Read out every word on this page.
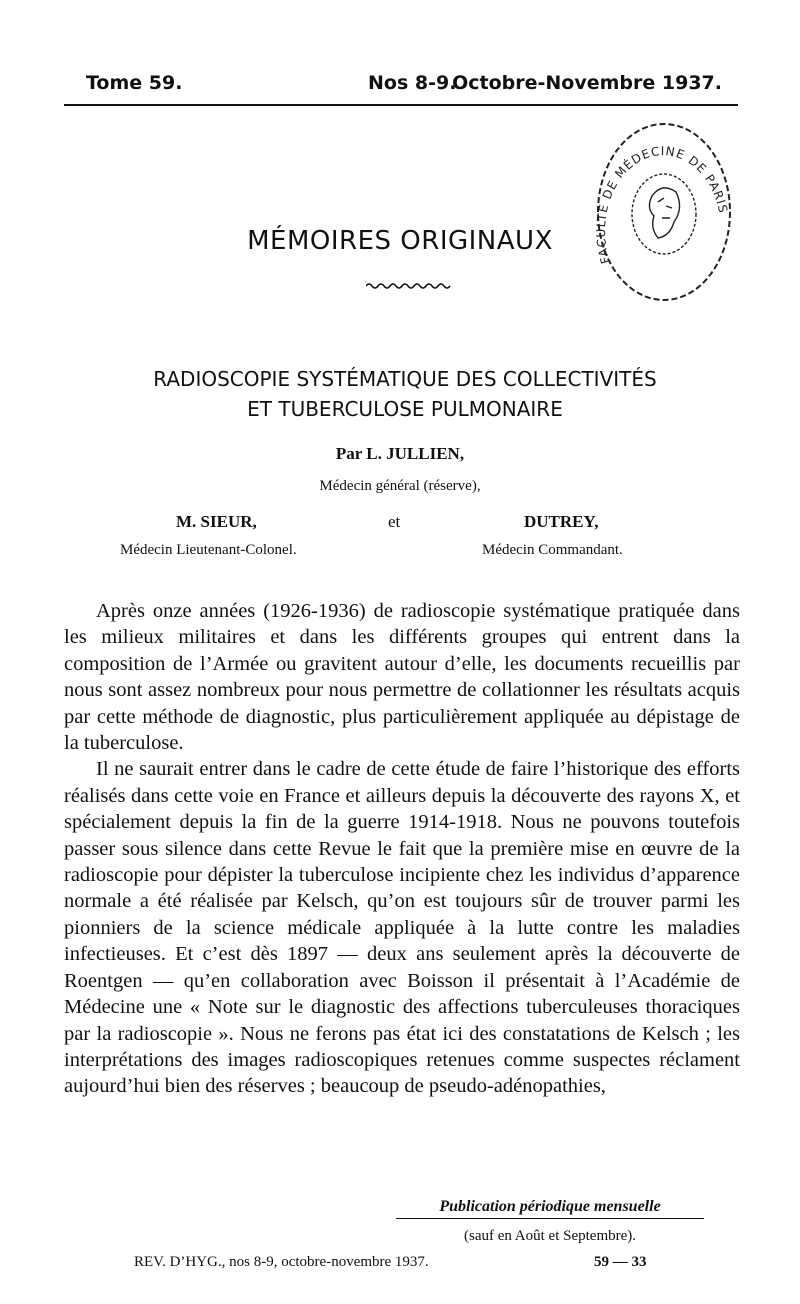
Tome 59.	Nos 8-9.
Octobre-Novembre 1937.
FACULTÉ DE MÉDECINE DE PARIS
MÉMOIRES ORIGINAUX
RADIOSCOPIE SYSTÉMATIQUE DES COLLECTIVITÉS
ET TUBERCULOSE PULMONAIRE
Par L. JULLIEN,
Médecin général (réserve),
M. SIEUR,	et	DUTREY,
Médecin Lieutenant-Colonel.	Médecin Commandant.

Après onze années (1926-1936) de radioscopie systématique pratiquée dans les milieux militaires et dans les différents groupes qui entrent dans la composition de l’Armée ou gravitent autour d’elle, les documents recueillis par nous sont assez nombreux pour nous permettre de collationner les résultats acquis par cette méthode de diagnostic, plus particulièrement appliquée au dépistage de la tuberculose.

Il ne saurait entrer dans le cadre de cette étude de faire l’historique des efforts réalisés dans cette voie en France et ailleurs depuis la découverte des rayons X, et spécialement depuis la fin de la guerre 1914-1918. Nous ne pouvons toutefois passer sous silence dans cette Revue le fait que la première mise en œuvre de la radioscopie pour dépister la tuberculose incipiente chez les individus d’apparence normale a été réalisée par Kelsch, qu’on est toujours sûr de trouver parmi les pionniers de la science médicale appliquée à la lutte contre les maladies infectieuses. Et c’est dès 1897 — deux ans seulement après la découverte de Roentgen — qu’en collaboration avec Boisson il présentait à l’Académie de Médecine une « Note sur le diagnostic des affections tuberculeuses thoraciques par la radioscopie ». Nous ne ferons pas état ici des constatations de Kelsch ; les interprétations des images radioscopiques retenues comme suspectes réclament aujourd’hui bien des réserves ; beaucoup de pseudo-adénopathies,

Publication périodique mensuelle
(sauf en Août et Septembre).
REV. D’HYG., nos 8-9, octobre-novembre 1937.	59 — 33
